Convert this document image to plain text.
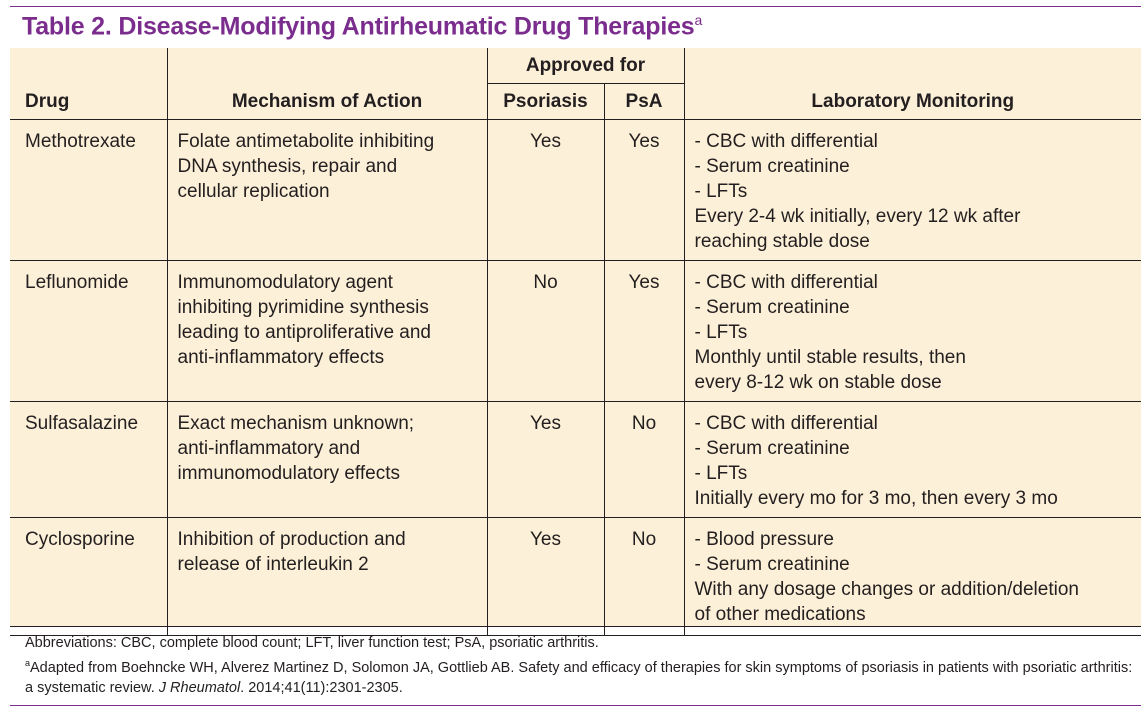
Table 2. Disease-Modifying Antirheumatic Drug Therapies$^a$
Drug	Mechanism of Action	Approved for		Laboratory Monitoring
		Psoriasis	PsA	
Methotrexate	Folate antimetabolite inhibiting
DNA synthesis, repair and
cellular replication	Yes	Yes	- CBC with differential
- Serum creatinine
- LFTs
Every 2-4 wk initially, every 12 wk after
reaching stable dose

Leflunomide	Immunomodulatory agent
inhibiting pyrimidine synthesis
leading to antiproliferative and
anti-inflammatory effects	No	Yes	- CBC with differential
- Serum creatinine
- LFTs
Monthly until stable results, then
every 8-12 wk on stable dose

Sulfasalazine	Exact mechanism unknown;
anti-inflammatory and
immunomodulatory effects	Yes	No	- CBC with differential
- Serum creatinine
- LFTs
Initially every mo for 3 mo, then every 3 mo

Cyclosporine	Inhibition of production and
release of interleukin 2	Yes	No	- Blood pressure
- Serum creatinine
With any dosage changes or addition/deletion
of other medications
Abbreviations: CBC, complete blood count; LFT, liver function test; PsA, psoriatic arthritis.
$^a$Adapted from Boehncke WH, Alverez Martinez D, Solomon JA, Gottlieb AB. Safety and efficacy of therapies for skin symptoms of psoriasis in patients with psoriatic arthritis: a systematic review. J Rheumatol. 2014;41(11):2301-2305.
